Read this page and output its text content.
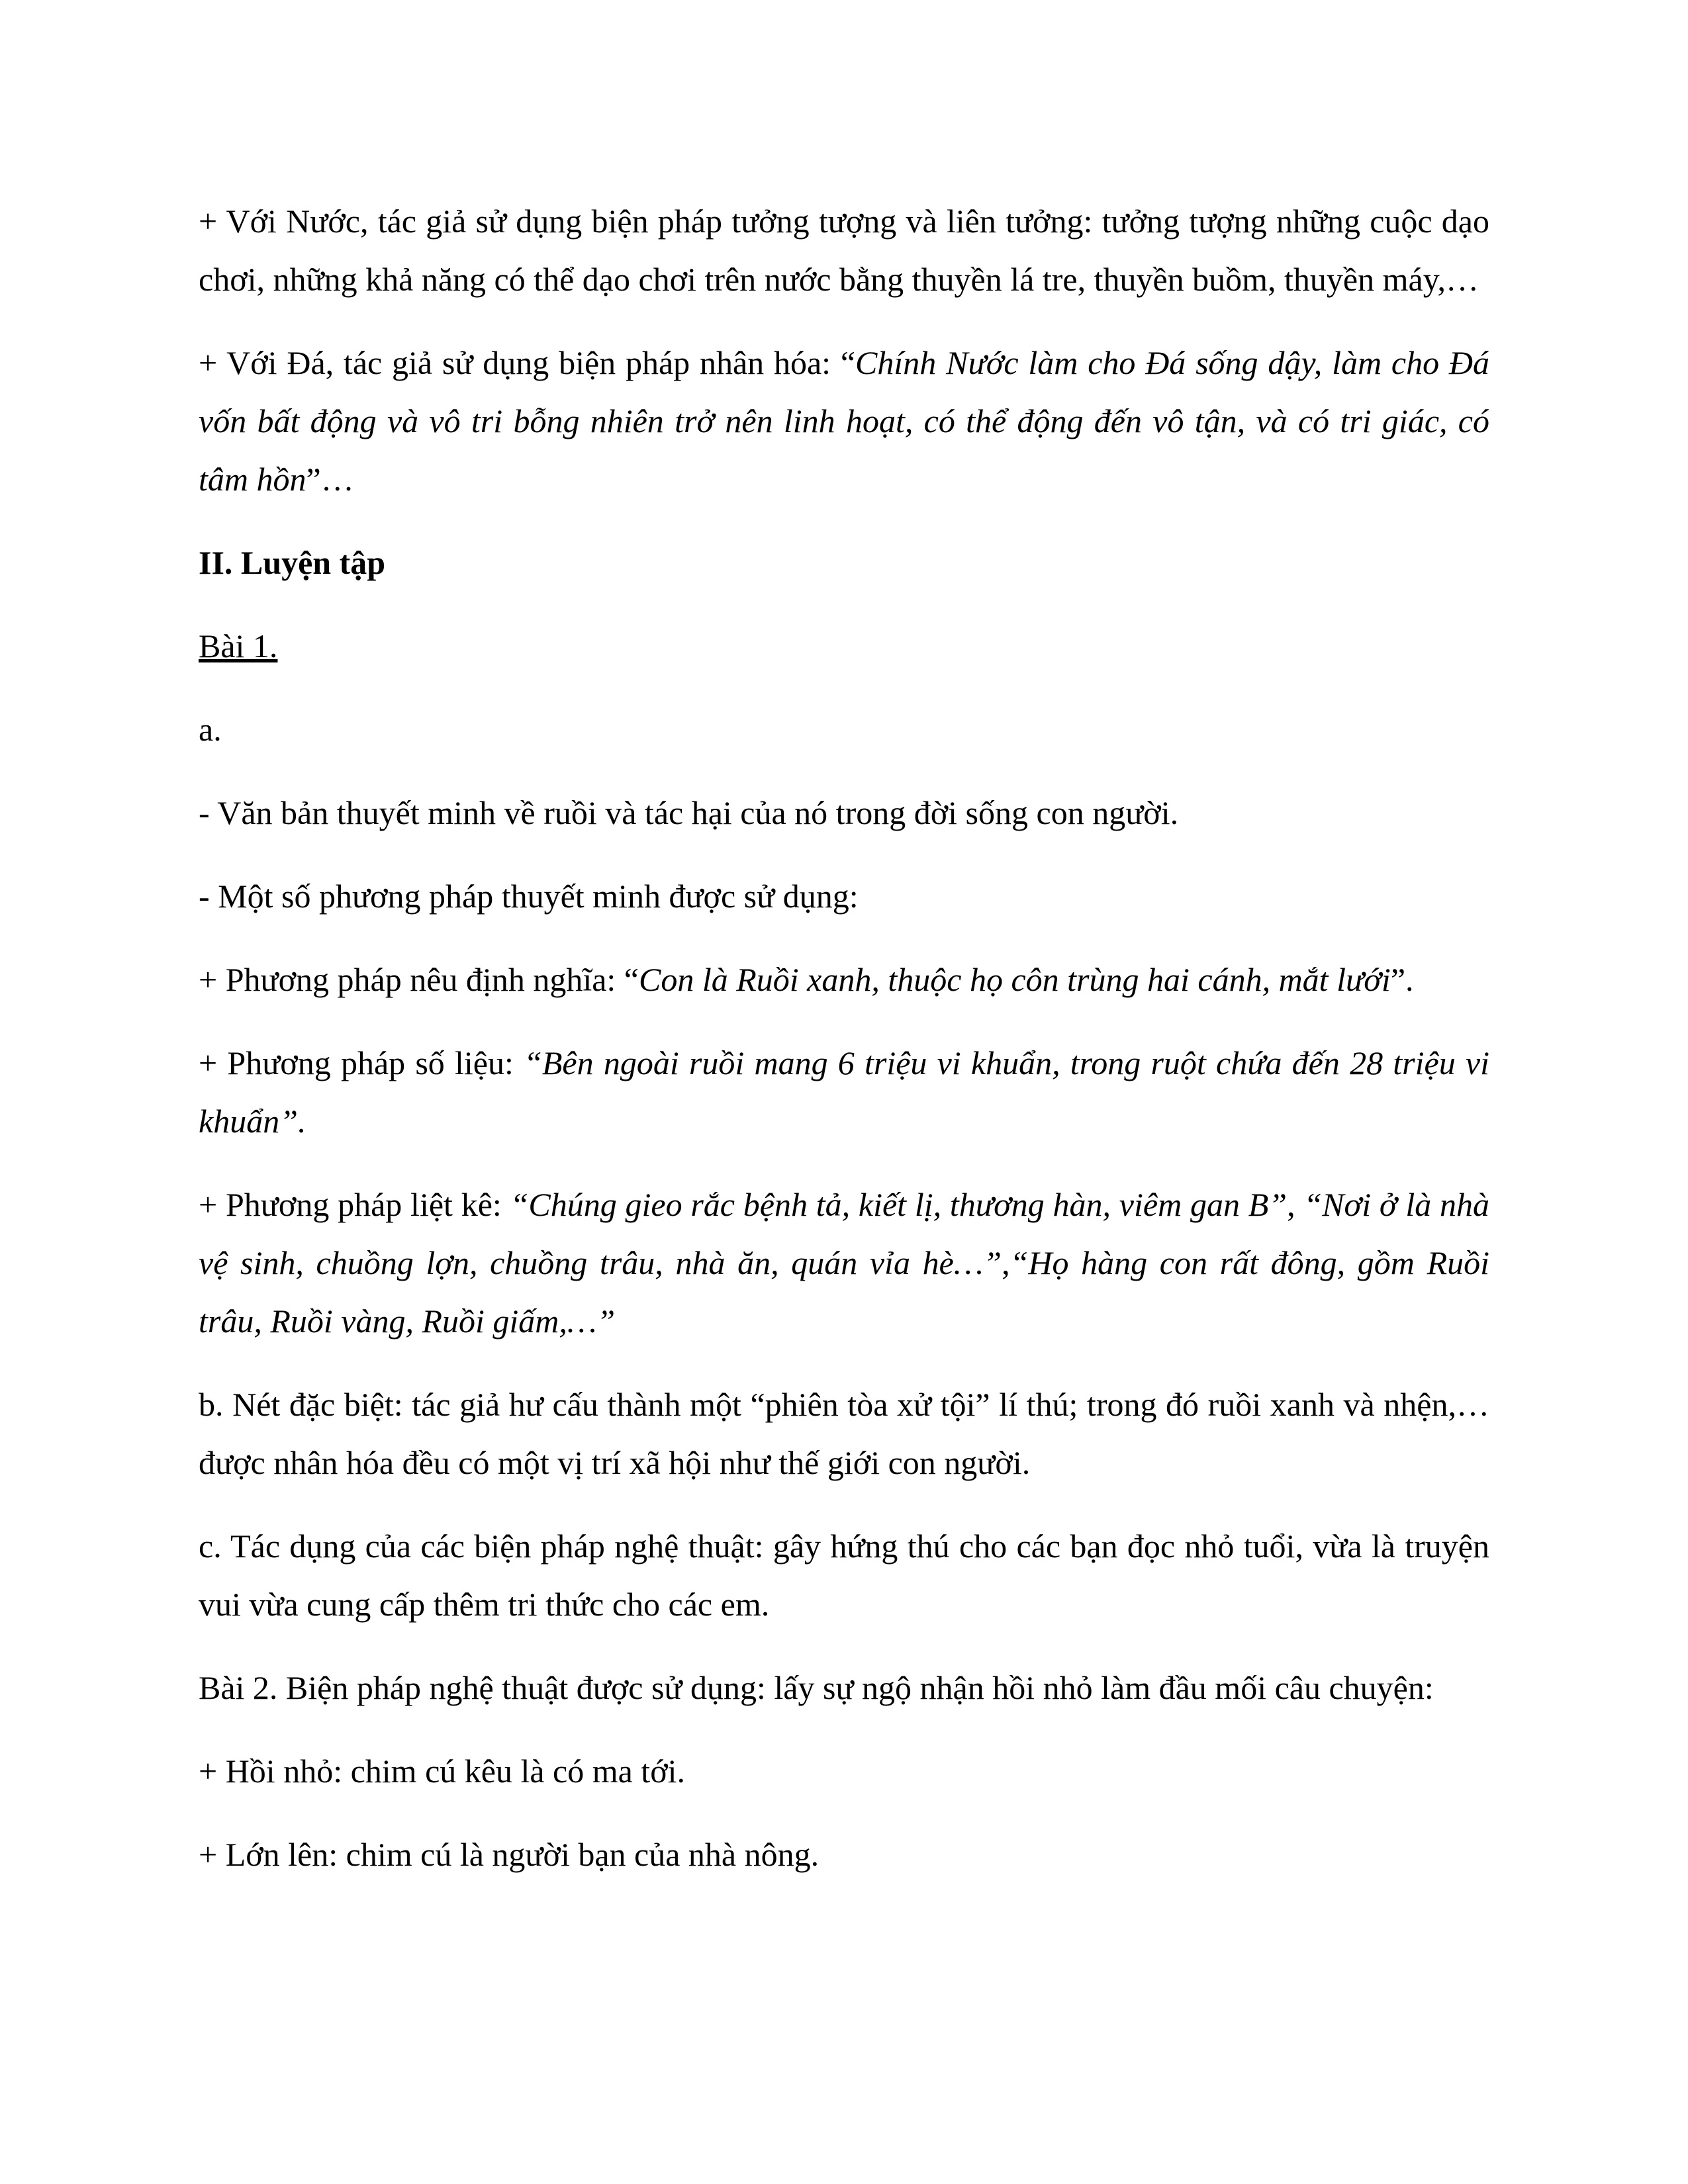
+ Với Nước, tác giả sử dụng biện pháp tưởng tượng và liên tưởng: tưởng tượng những cuộc dạo chơi, những khả năng có thể dạo chơi trên nước bằng thuyền lá tre, thuyền buồm, thuyền máy,…

+ Với Đá, tác giả sử dụng biện pháp nhân hóa: “Chính Nước làm cho Đá sống dậy, làm cho Đá vốn bất động và vô tri bỗng nhiên trở nên linh hoạt, có thể động đến vô tận, và có tri giác, có tâm hồn”…

II. Luyện tập

Bài 1.

a.

- Văn bản thuyết minh về ruồi và tác hại của nó trong đời sống con người.

- Một số phương pháp thuyết minh được sử dụng:

+ Phương pháp nêu định nghĩa: “Con là Ruồi xanh, thuộc họ côn trùng hai cánh, mắt lưới”.

+ Phương pháp số liệu: “Bên ngoài ruồi mang 6 triệu vi khuẩn, trong ruột chứa đến 28 triệu vi khuẩn”.

+ Phương pháp liệt kê: “Chúng gieo rắc bệnh tả, kiết lị, thương hàn, viêm gan B”, “Nơi ở là nhà vệ sinh, chuồng lợn, chuồng trâu, nhà ăn, quán vỉa hè…”,“Họ hàng con rất đông, gồm Ruồi trâu, Ruồi vàng, Ruồi giấm,…”

b. Nét đặc biệt: tác giả hư cấu thành một “phiên tòa xử tội” lí thú; trong đó ruồi xanh và nhện,… được nhân hóa đều có một vị trí xã hội như thế giới con người.

c. Tác dụng của các biện pháp nghệ thuật: gây hứng thú cho các bạn đọc nhỏ tuổi, vừa là truyện vui vừa cung cấp thêm tri thức cho các em.

Bài 2. Biện pháp nghệ thuật được sử dụng: lấy sự ngộ nhận hồi nhỏ làm đầu mối câu chuyện:

+ Hồi nhỏ: chim cú kêu là có ma tới.

+ Lớn lên: chim cú là người bạn của nhà nông.
